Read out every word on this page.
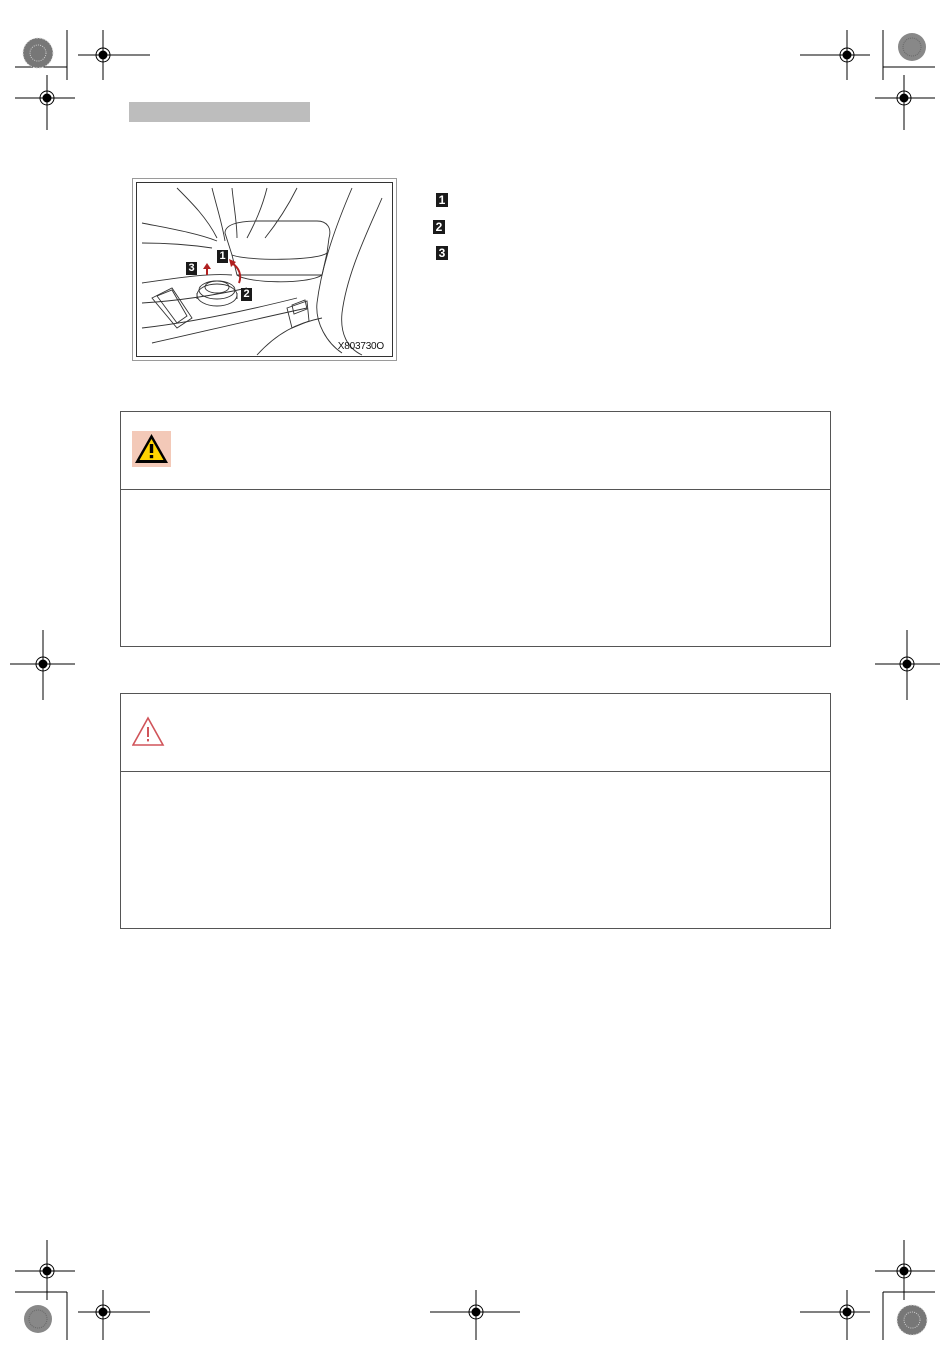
1
2
3
X803730O
1
2
3
